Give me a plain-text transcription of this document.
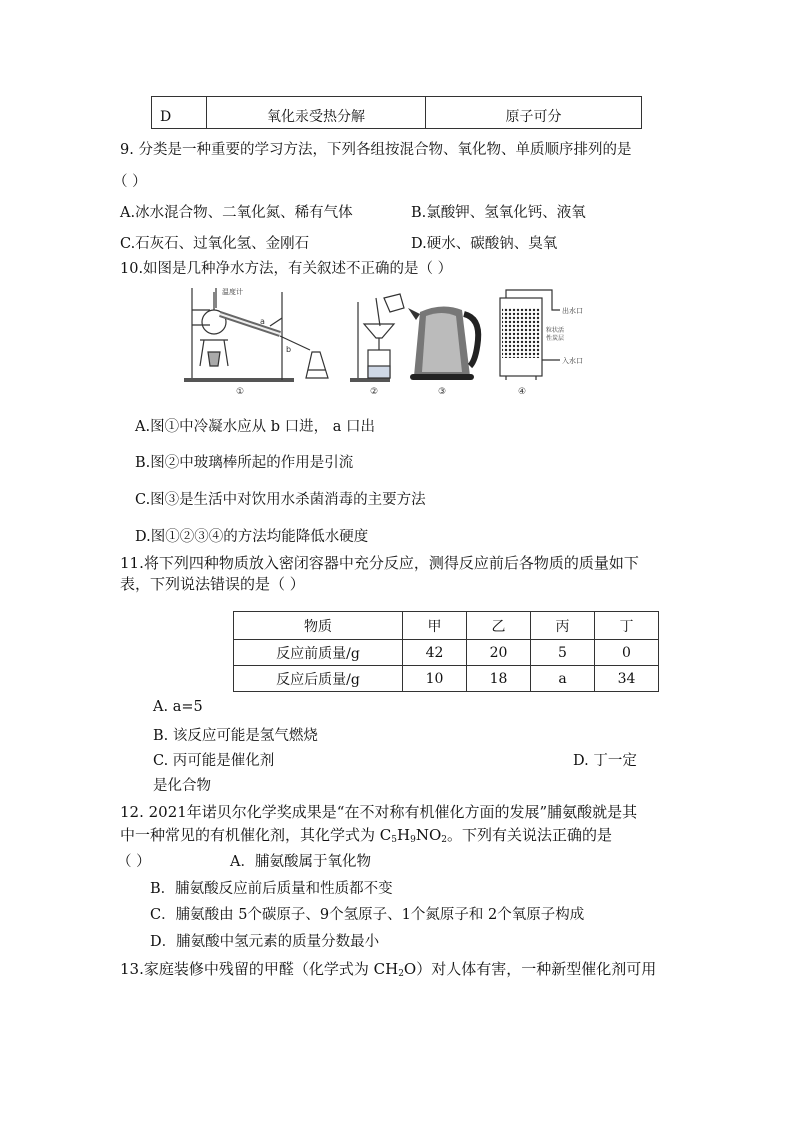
D	氧化汞受热分解	原子可分
9. 分类是一种重要的学习方法，下列各组按混合物、氧化物、单质顺序排列的是
（ ）
A.冰水混合物、二氧化氮、稀有气体	B.氯酸钾、氢氧化钙、液氧
C.石灰石、过氧化氢、金刚石	D.硬水、碳酸钠、臭氧
10.如图是几种净水方法，有关叙述不正确的是（ ）
温度计
a
b
①	②	③
出水口
粒状活
性炭层
入水口
④
A.图①中冷凝水应从 b 口进， a 口出
B.图②中玻璃棒所起的作用是引流
C.图③是生活中对饮用水杀菌消毒的主要方法
D.图①②③④的方法均能降低水硬度
11.将下列四种物质放入密闭容器中充分反应，测得反应前后各物质的质量如下
表，下列说法错误的是（ ）
物质	甲	乙	丙	丁
反应前质量/g	42	20	5	0
反应后质量/g	10	18	a	34
A. a=5
B. 该反应可能是氢气燃烧
C. 丙可能是催化剂	D. 丁一定
是化合物
12. 2021年诺贝尔化学奖成果是“在不对称有机催化方面的发展”脯氨酸就是其
中一种常见的有机催化剂，其化学式为 $C_5H_9NO_2$。下列有关说法正确的是
（ ）	A．脯氨酸属于氧化物
B．脯氨酸反应前后质量和性质都不变
C．脯氨酸由 5个碳原子、9个氢原子、1个氮原子和 2个氧原子构成
D．脯氨酸中氢元素的质量分数最小
13.家庭装修中残留的甲醛（化学式为 $CH_2O$）对人体有害，一种新型催化剂可用
